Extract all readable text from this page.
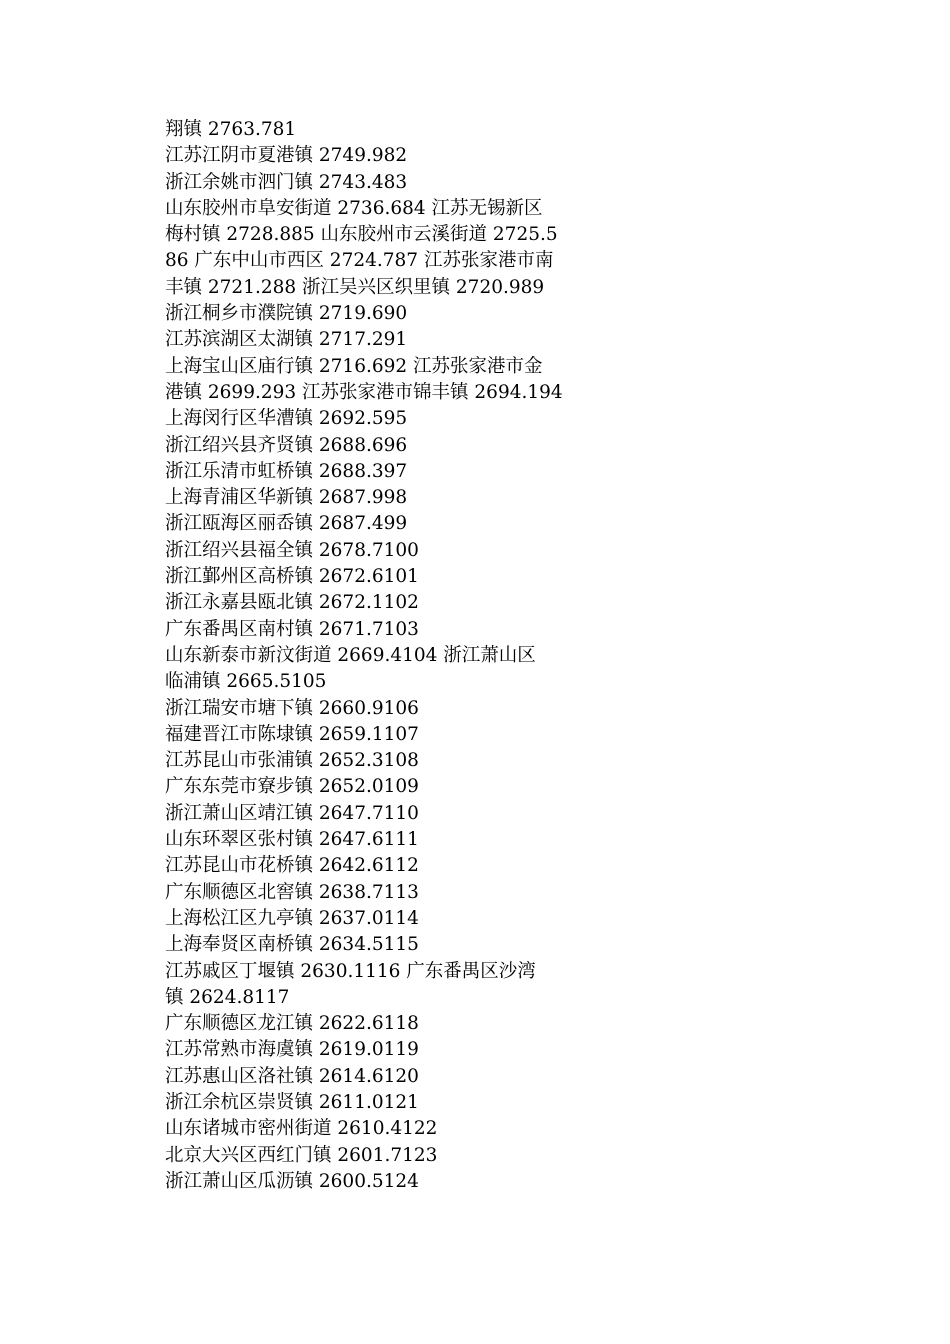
翔镇 2763.781
江苏江阴市夏港镇 2749.982
浙江余姚市泗门镇 2743.483
山东胶州市阜安街道 2736.684 江苏无锡新区
梅村镇 2728.885 山东胶州市云溪街道 2725.5
86 广东中山市西区 2724.787 江苏张家港市南
丰镇 2721.288 浙江吴兴区织里镇 2720.989
浙江桐乡市濮院镇 2719.690
江苏滨湖区太湖镇 2717.291
上海宝山区庙行镇 2716.692 江苏张家港市金
港镇 2699.293 江苏张家港市锦丰镇 2694.194
上海闵行区华漕镇 2692.595
浙江绍兴县齐贤镇 2688.696
浙江乐清市虹桥镇 2688.397
上海青浦区华新镇 2687.998
浙江瓯海区丽岙镇 2687.499
浙江绍兴县福全镇 2678.7100
浙江鄞州区高桥镇 2672.6101
浙江永嘉县瓯北镇 2672.1102
广东番禺区南村镇 2671.7103
山东新泰市新汶街道 2669.4104 浙江萧山区
临浦镇 2665.5105
浙江瑞安市塘下镇 2660.9106
福建晋江市陈埭镇 2659.1107
江苏昆山市张浦镇 2652.3108
广东东莞市寮步镇 2652.0109
浙江萧山区靖江镇 2647.7110
山东环翠区张村镇 2647.6111
江苏昆山市花桥镇 2642.6112
广东顺德区北窖镇 2638.7113
上海松江区九亭镇 2637.0114
上海奉贤区南桥镇 2634.5115
江苏戚区丁堰镇 2630.1116 广东番禺区沙湾
镇 2624.8117
广东顺德区龙江镇 2622.6118
江苏常熟市海虞镇 2619.0119
江苏惠山区洛社镇 2614.6120
浙江余杭区崇贤镇 2611.0121
山东诸城市密州街道 2610.4122
北京大兴区西红门镇 2601.7123
浙江萧山区瓜沥镇 2600.5124
